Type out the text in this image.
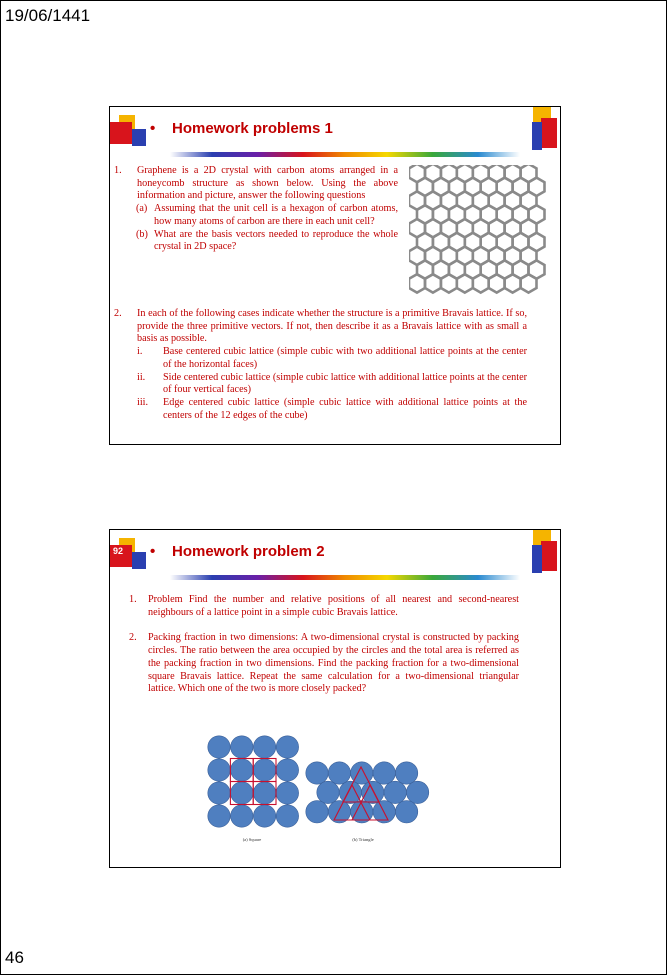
19/06/1441
• Homework problems 1
1.	Graphene is a 2D crystal with carbon atoms arranged in a honeycomb structure as shown below. Using the above information and picture, answer the following questions
(a) Assuming that the unit cell is a hexagon of carbon atoms, how many atoms of carbon are there in each unit cell?
(b) What are the basis vectors needed to reproduce the whole crystal in 2D space?
2.	In each of the following cases indicate whether the structure is a primitive Bravais lattice. If so, provide the three primitive vectors. If not, then describe it as a Bravais lattice with as small a basis as possible.
i.	Base centered cubic lattice (simple cubic with two additional lattice points at the center of the horizontal faces)
ii.	Side centered cubic lattice (simple cubic lattice with additional lattice points at the center of four vertical faces)
iii.	Edge centered cubic lattice (simple cubic lattice with additional lattice points at the centers of the 12 edges of the cube)
92 • Homework problem 2
1.	Problem Find the number and relative positions of all nearest and second-nearest neighbours of a lattice point in a simple cubic Bravais lattice.
2.	Packing fraction in two dimensions: A two-dimensional crystal is constructed by packing circles. The ratio between the area occupied by the circles and the total area is referred as the packing fraction in two dimensions. Find the packing fraction for a two-dimensional square Bravais lattice. Repeat the same calculation for a two-dimensional triangular lattice. Which one of the two is more closely packed?
(a) Square	(b) Triangle
46
